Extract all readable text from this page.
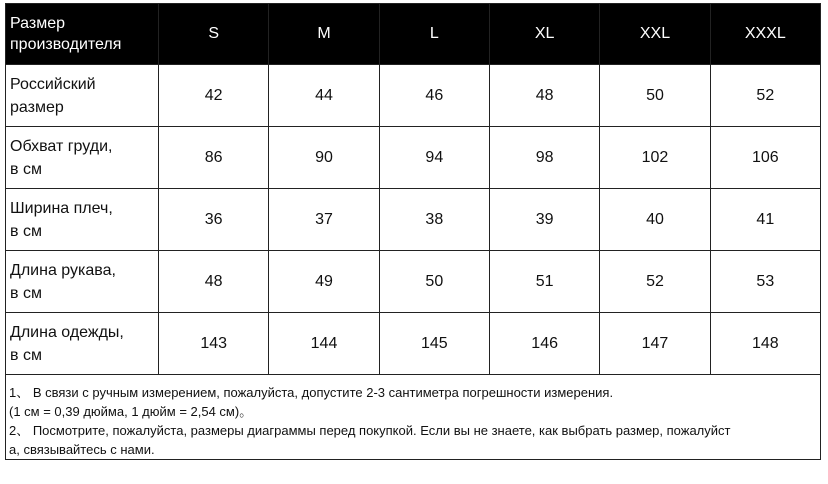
Размер
производителя	S	M	L	XL	XXL	XXXL
Российский
размер	42	44	46	48	50	52
Обхват груди,
в см	86	90	94	98	102	106
Ширина плеч,
в см	36	37	38	39	40	41
Длина рукава,
в см	48	49	50	51	52	53
Длина одежды,
в см	143	144	145	146	147	148

1、 В связи с ручным измерением, пожалуйста, допустите 2-3 сантиметра погрешности измерения.

(1 см = 0,39 дюйма, 1 дюйм = 2,54 см)。

2、 Посмотрите, пожалуйста, размеры диаграммы перед покупкой. Если вы не знаете, как выбрать размер, пожалуйст

а, связывайтесь с нами.
